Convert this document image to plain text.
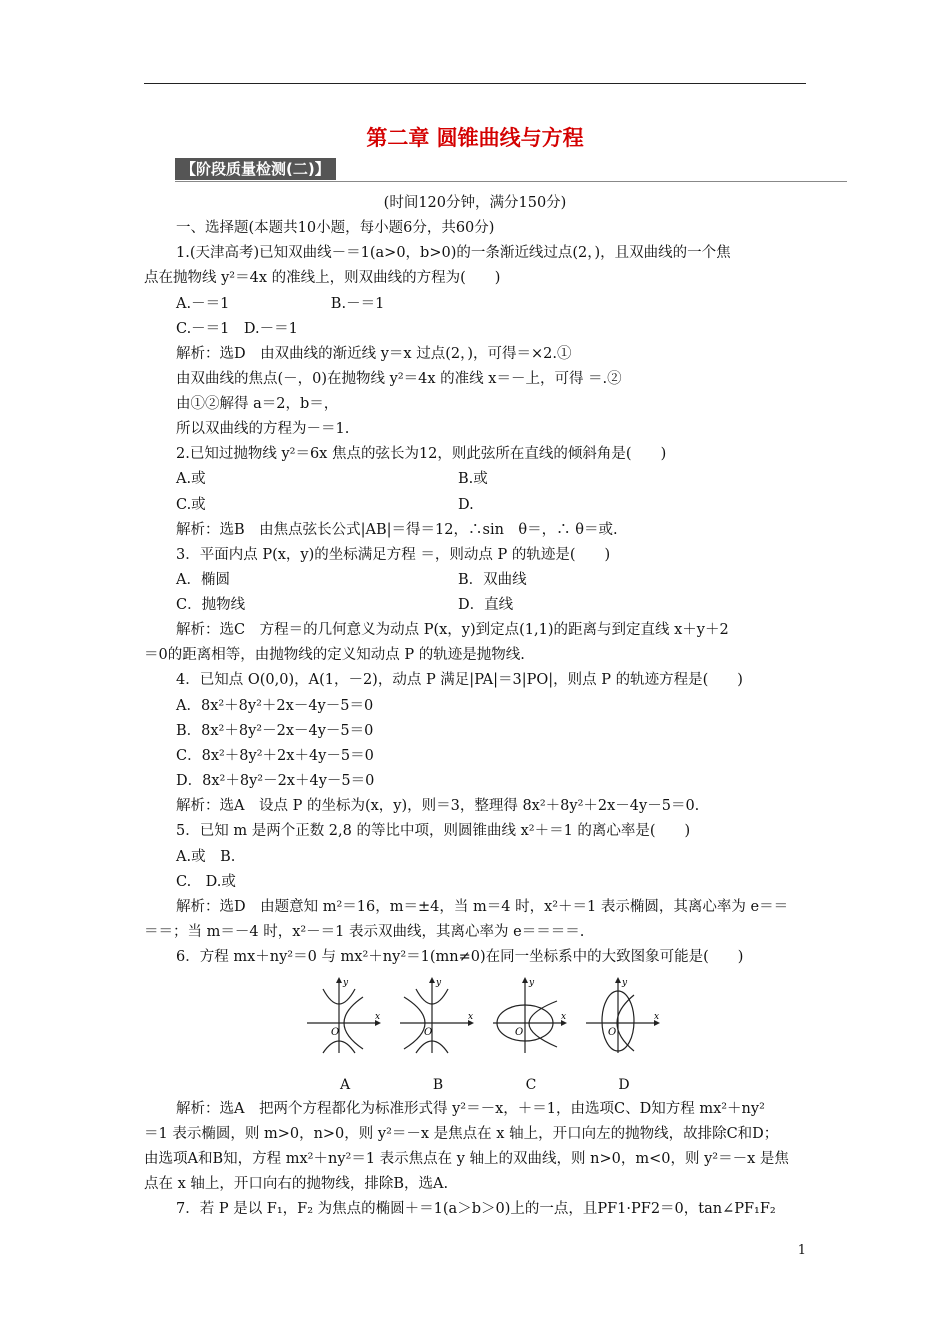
第二章 圆锥曲线与方程
【阶段质量检测(二)】
(时间120分钟，满分150分)
一、选择题(本题共10小题，每小题6分，共60分)
1.(天津高考)已知双曲线－＝1(a>0，b>0)的一条渐近线过点(2，)，且双曲线的一个焦
点在抛物线 y²＝4x 的准线上，则双曲线的方程为(　　)
A.－＝1　　　　　　　B.－＝1
C.－＝1　D.－＝1
解析：选D　由双曲线的渐近线 y＝x 过点(2，)，可得＝×2.①
由双曲线的焦点(－，0)在抛物线 y²＝4x 的准线 x＝－上，可得 ＝.②
由①②解得 a＝2，b＝，
所以双曲线的方程为－＝1.
2.已知过抛物线 y²＝6x 焦点的弦长为12，则此弦所在直线的倾斜角是(　　)
A.或	B.或
C.或	D.
解析：选B　由焦点弦长公式|AB|＝得＝12，∴sin　θ＝，∴ θ＝或.
3．平面内点 P(x，y)的坐标满足方程 ＝，则动点 P 的轨迹是(　　)
A．椭圆	B．双曲线
C．抛物线	D．直线
解析：选C　方程＝的几何意义为动点 P(x，y)到定点(1,1)的距离与到定直线 x＋y＋2
＝0的距离相等，由抛物线的定义知动点 P 的轨迹是抛物线.
4．已知点 O(0,0)，A(1，－2)，动点 P 满足|PA|＝3|PO|，则点 P 的轨迹方程是(　　)
A．8x²＋8y²＋2x－4y－5＝0
B．8x²＋8y²－2x－4y－5＝0
C．8x²＋8y²＋2x＋4y－5＝0
D．8x²＋8y²－2x＋4y－5＝0
解析：选A　设点 P 的坐标为(x，y)，则＝3，整理得 8x²＋8y²＋2x－4y－5＝0.
5．已知 m 是两个正数 2,8 的等比中项，则圆锥曲线 x²＋＝1 的离心率是(　　)
A.或　B.
C.　D.或
解析：选D　由题意知 m²＝16，m＝±4，当 m＝4 时，x²＋＝1 表示椭圆，其离心率为 e＝＝
＝＝；当 m＝－4 时，x²－＝1 表示双曲线，其离心率为 e＝＝＝＝.
6．方程 mx＋ny²＝0 与 mx²＋ny²＝1(mn≠0)在同一坐标系中的大致图象可能是(　　)
O
y
x
A
O
y
x
B
O
y
x
C
O
y
x
D
解析：选A　把两个方程都化为标准形式得 y²＝－x，＋＝1，由选项C、D知方程 mx²＋ny²
＝1 表示椭圆，则 m>0，n>0，则 y²＝－x 是焦点在 x 轴上，开口向左的抛物线，故排除C和D；
由选项A和B知，方程 mx²＋ny²＝1 表示焦点在 y 轴上的双曲线，则 n>0，m<0，则 y²＝－x 是焦
点在 x 轴上，开口向右的抛物线，排除B，选A.
7．若 P 是以 F₁，F₂ 为焦点的椭圆＋＝1(a＞b＞0)上的一点，且PF1·PF2＝0，tan∠PF₁F₂
1
